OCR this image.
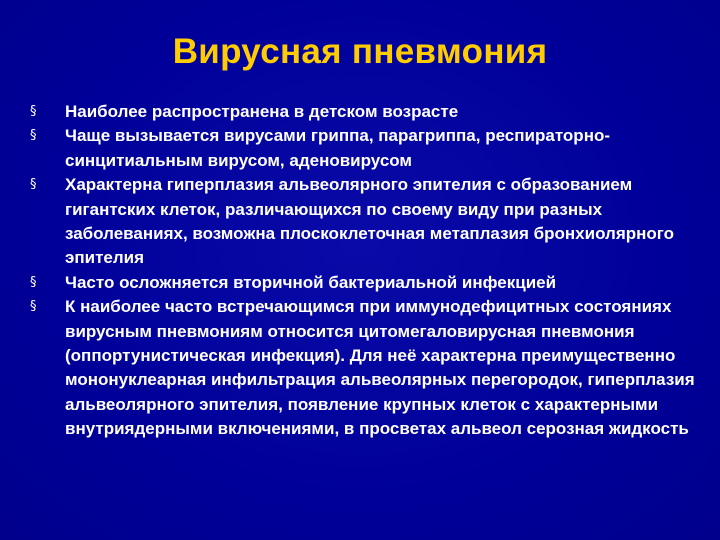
Вирусная пневмония
§	Наиболее распространена в детском возрасте
§	Чаще вызывается вирусами гриппа, парагриппа, респираторно-синцитиальным вирусом, аденовирусом
§	Характерна гиперплазия альвеолярного эпителия с образованием гигантских клеток, различающихся по своему виду при разных заболеваниях, возможна плоскоклеточная метаплазия бронхиолярного эпителия
§	Часто осложняется вторичной бактериальной инфекцией
§	К наиболее часто встречающимся при иммунодефицитных состояниях вирусным пневмониям относится цитомегаловирусная пневмония (оппортунистическая инфекция). Для неё характерна преимущественно мононуклеарная инфильтрация альвеолярных перегородок, гиперплазия альвеолярного эпителия, появление крупных клеток с характерными внутриядерными включениями, в просветах альвеол серозная жидкость
